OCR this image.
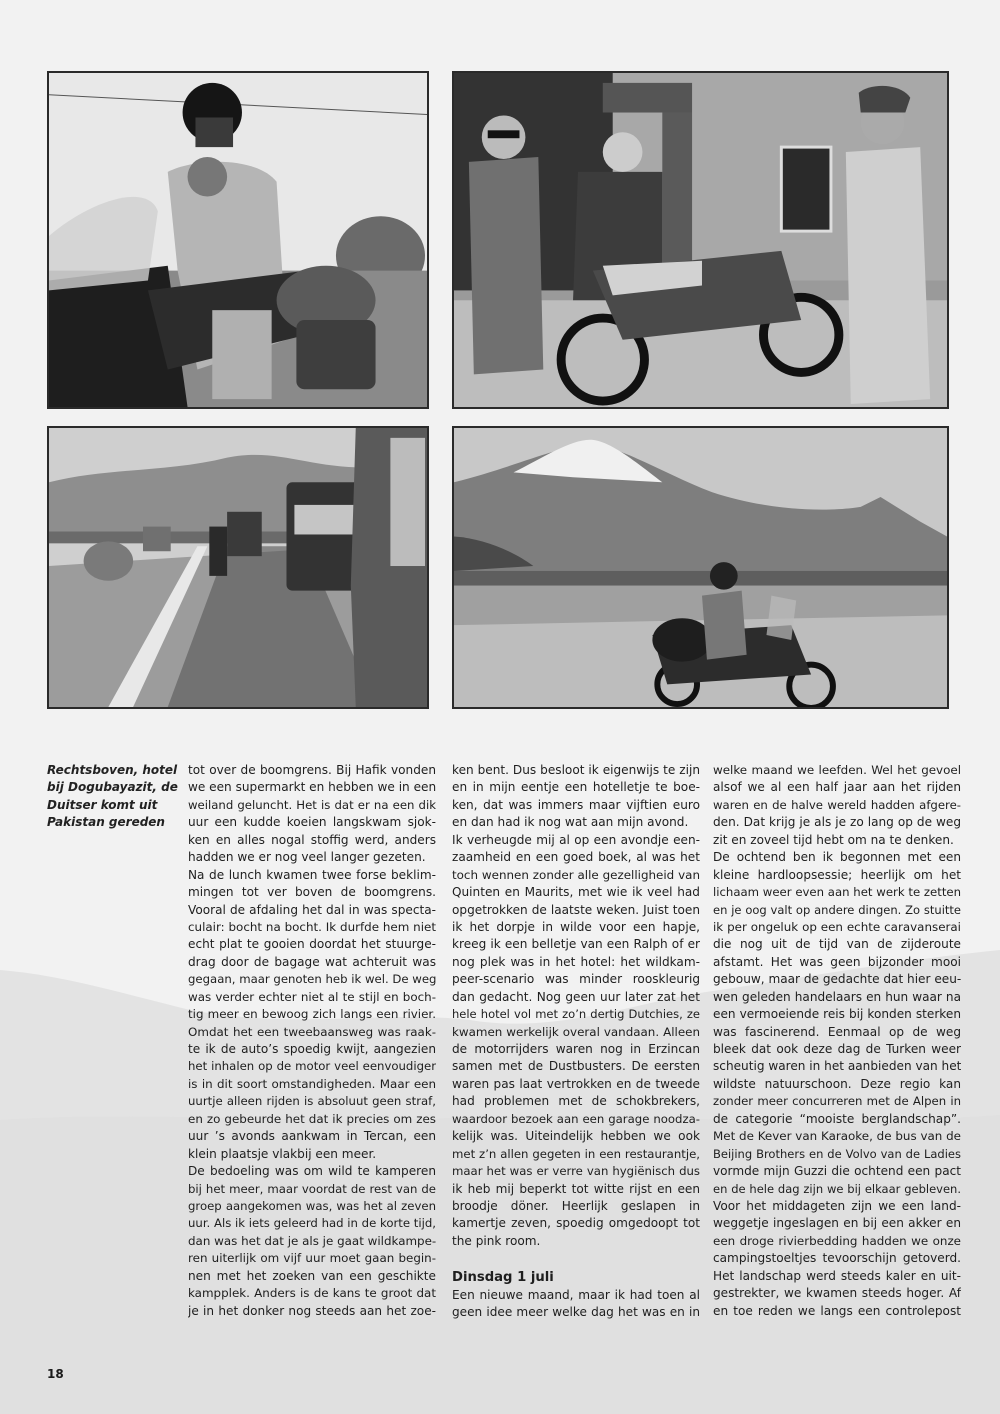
Rechtsboven, hotel
bij Dogubayazit, de
Duitser komt uit
Pakistan gereden
tot over de boomgrens. Bij Hafik vonden
we een supermarkt en hebben we in een
weiland geluncht. Het is dat er na een dik
uur een kudde koeien langskwam sjok-
ken en alles nogal stoffig werd, anders
hadden we er nog veel langer gezeten.
Na de lunch kwamen twee forse beklim-
mingen tot ver boven de boomgrens.
Vooral de afdaling het dal in was specta-
culair: bocht na bocht. Ik durfde hem niet
echt plat te gooien doordat het stuurge-
drag door de bagage wat achteruit was
gegaan, maar genoten heb ik wel. De weg
was verder echter niet al te stijl en boch-
tig meer en bewoog zich langs een rivier.
Omdat het een tweebaansweg was raak-
te ik de auto’s spoedig kwijt, aangezien
het inhalen op de motor veel eenvoudiger
is in dit soort omstandigheden. Maar een
uurtje alleen rijden is absoluut geen straf,
en zo gebeurde het dat ik precies om zes
uur ’s avonds aankwam in Tercan, een
klein plaatsje vlakbij een meer.
De bedoeling was om wild te kamperen
bij het meer, maar voordat de rest van de
groep aangekomen was, was het al zeven
uur. Als ik iets geleerd had in de korte tijd,
dan was het dat je als je gaat wildkampe-
ren uiterlijk om vijf uur moet gaan begin-
nen met het zoeken van een geschikte
kampplek. Anders is de kans te groot dat
je in het donker nog steeds aan het zoe-
ken bent. Dus besloot ik eigenwijs te zijn
en in mijn eentje een hotelletje te boe-
ken, dat was immers maar vijftien euro
en dan had ik nog wat aan mijn avond.
Ik verheugde mij al op een avondje een-
zaamheid en een goed boek, al was het
toch wennen zonder alle gezelligheid van
Quinten en Maurits, met wie ik veel had
opgetrokken de laatste weken. Juist toen
ik het dorpje in wilde voor een hapje,
kreeg ik een belletje van een Ralph of er
nog plek was in het hotel: het wildkam-
peer-scenario was minder rooskleurig
dan gedacht. Nog geen uur later zat het
hele hotel vol met zo’n dertig Dutchies, ze
kwamen werkelijk overal vandaan. Alleen
de motorrijders waren nog in Erzincan
samen met de Dustbusters. De eersten
waren pas laat vertrokken en de tweede
had problemen met de schokbrekers,
waardoor bezoek aan een garage noodza-
kelijk was. Uiteindelijk hebben we ook
met z’n allen gegeten in een restaurantje,
maar het was er verre van hygiënisch dus
ik heb mij beperkt tot witte rijst en een
broodje döner. Heerlijk geslapen in
kamertje zeven, spoedig omgedoopt tot
the pink room.
Dinsdag 1 juli
Een nieuwe maand, maar ik had toen al
geen idee meer welke dag het was en in
welke maand we leefden. Wel het gevoel
alsof we al een half jaar aan het rijden
waren en de halve wereld hadden afgere-
den. Dat krijg je als je zo lang op de weg
zit en zoveel tijd hebt om na te denken.
De ochtend ben ik begonnen met een
kleine hardloopsessie; heerlijk om het
lichaam weer even aan het werk te zetten
en je oog valt op andere dingen. Zo stuitte
ik per ongeluk op een echte caravanserai
die nog uit de tijd van de zijderoute
afstamt. Het was geen bijzonder mooi
gebouw, maar de gedachte dat hier eeu-
wen geleden handelaars en hun waar na
een vermoeiende reis bij konden sterken
was fascinerend. Eenmaal op de weg
bleek dat ook deze dag de Turken weer
scheutig waren in het aanbieden van het
wildste natuurschoon. Deze regio kan
zonder meer concurreren met de Alpen in
de categorie “mooiste berglandschap”.
Met de Kever van Karaoke, de bus van de
Beijing Brothers en de Volvo van de Ladies
vormde mijn Guzzi die ochtend een pact
en de hele dag zijn we bij elkaar gebleven.
Voor het middageten zijn we een land-
weggetje ingeslagen en bij een akker en
een droge rivierbedding hadden we onze
campingstoeltjes tevoorschijn getoverd.
Het landschap werd steeds kaler en uit-
gestrekter, we kwamen steeds hoger. Af
en toe reden we langs een controlepost
18
